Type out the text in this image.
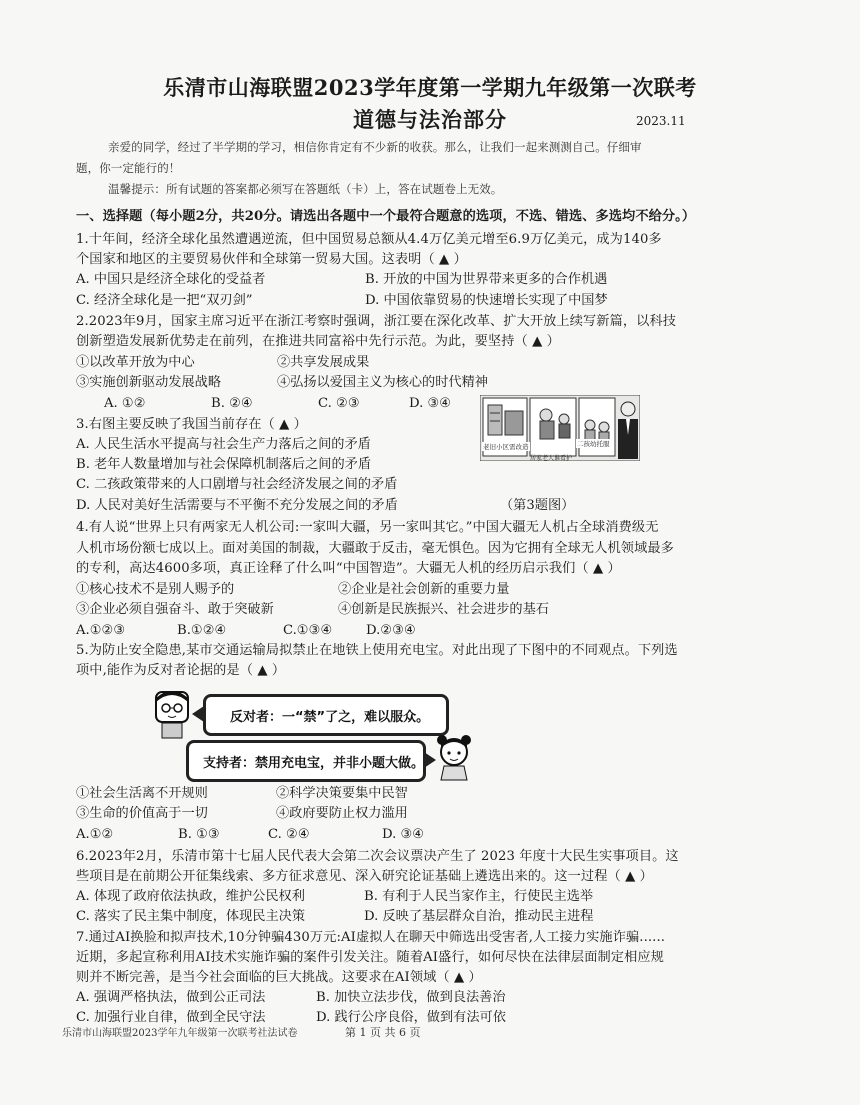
乐清市山海联盟2023学年度第一学期九年级第一次联考
道德与法治部分	2023.11
亲爱的同学，经过了半学期的学习，相信你肯定有不少新的收获。那么，让我们一起来测测自己。仔细审
题，你一定能行的！
温馨提示：所有试题的答案都必须写在答题纸（卡）上，答在试题卷上无效。
一、选择题（每小题2分，共20分。请选出各题中一个最符合题意的选项，不选、错选、多选均不给分。）
1.十年间，经济全球化虽然遭遇逆流，但中国贸易总额从4.4万亿美元增至6.9万亿美元，成为140多
个国家和地区的主要贸易伙伴和全球第一贸易大国。这表明（ ▲ ）
A. 中国只是经济全球化的受益者	B. 开放的中国为世界带来更多的合作机遇
C. 经济全球化是一把“双刃剑”	D. 中国依靠贸易的快速增长实现了中国梦
2.2023年9月，国家主席习近平在浙江考察时强调，浙江要在深化改革、扩大开放上续写新篇，以科技
创新塑造发展新优势走在前列，在推进共同富裕中先行示范。为此，要坚持（ ▲ ）
①以改革开放为中心	②共享发展成果
③实施创新驱动发展战略	④弘扬以爱国主义为核心的时代精神
A. ①②	B. ②④	C. ②③	D. ③④
老旧小区需改造	二孩幼托服
居家老人谁看护
3.右图主要反映了我国当前存在（ ▲ ）
A. 人民生活水平提高与社会生产力落后之间的矛盾
B. 老年人数量增加与社会保障机制落后之间的矛盾
C. 二孩政策带来的人口剧增与社会经济发展之间的矛盾
D. 人民对美好生活需要与不平衡不充分发展之间的矛盾	（第3题图）
4.有人说“世界上只有两家无人机公司:一家叫大疆，另一家叫其它。”中国大疆无人机占全球消费级无
人机市场份额七成以上。面对美国的制裁，大疆敢于反击，毫无惧色。因为它拥有全球无人机领域最多
的专利，高达4600多项，真正诠释了什么叫“中国智造”。大疆无人机的经历启示我们（ ▲ ）
①核心技术不是别人赐予的	②企业是社会创新的重要力量
③企业必须自强奋斗、敢于突破新	④创新是民族振兴、社会进步的基石
A.①②③	B.①②④	C.①③④	D.②③④
5.为防止安全隐患,某市交通运输局拟禁止在地铁上使用充电宝。对此出现了下图中的不同观点。下列选
项中,能作为反对者论据的是（ ▲ ）
反对者：一“禁”了之，难以服众。
支持者：禁用充电宝，并非小题大做。
①社会生活离不开规则	②科学决策要集中民智
③生命的价值高于一切	④政府要防止权力滥用
A.①②	B. ①③	C. ②④	D. ③④
6.2023年2月，乐清市第十七届人民代表大会第二次会议票决产生了 2023 年度十大民生实事项目。这
些项目是在前期公开征集线索、多方征求意见、深入研究论证基础上遴选出来的。这一过程（ ▲ ）
A. 体现了政府依法执政，维护公民权利	B. 有利于人民当家作主，行使民主选举
C. 落实了民主集中制度，体现民主决策	D. 反映了基层群众自治，推动民主进程
7.通过AI换脸和拟声技术,10分钟骗430万元:AI虚拟人在聊天中筛选出受害者,人工接力实施诈骗......
近期，多起宣称利用AI技术实施诈骗的案件引发关注。随着AI盛行，如何尽快在法律层面制定相应规
则并不断完善，是当今社会面临的巨大挑战。这要求在AI领域（ ▲ ）
A. 强调严格执法，做到公正司法	B. 加快立法步伐，做到良法善治
C. 加强行业自律，做到全民守法	D. 践行公序良俗，做到有法可依
乐清市山海联盟2023学年九年级第一次联考社法试卷	第 1 页 共 6 页
